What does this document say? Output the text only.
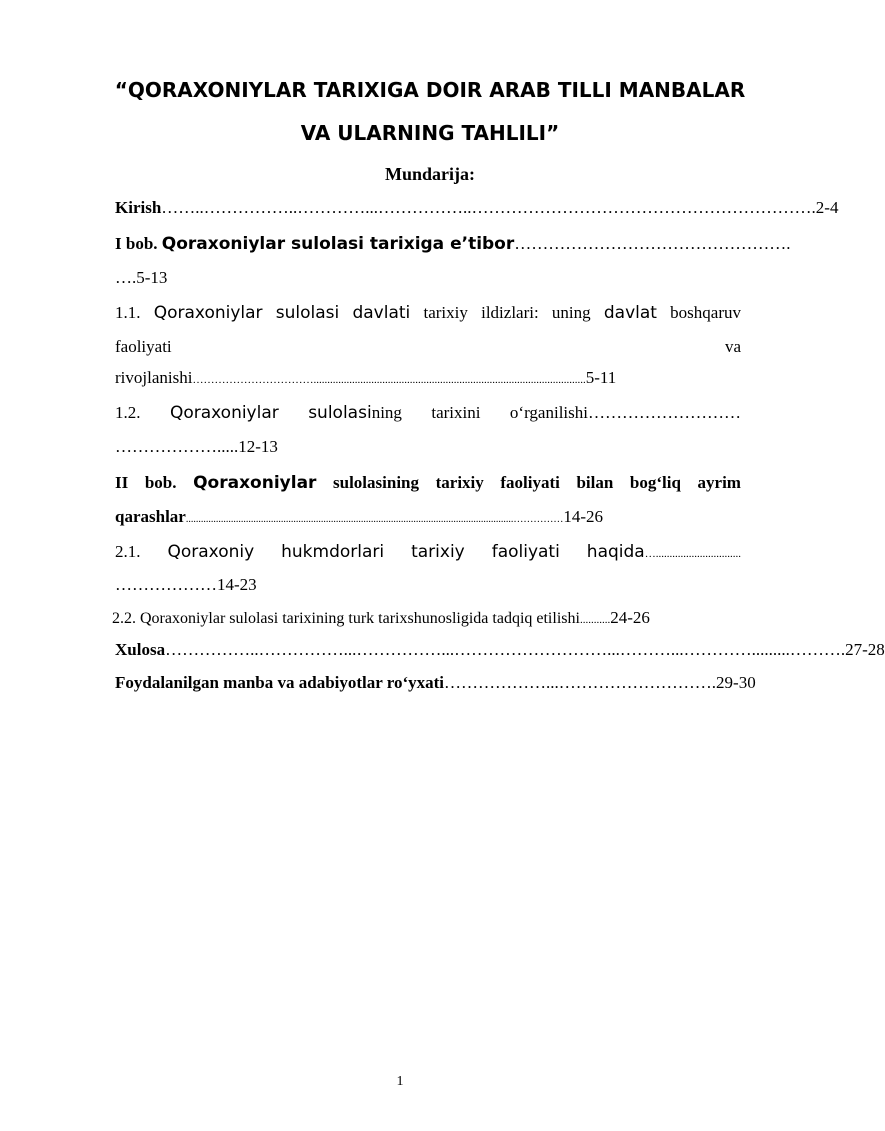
“QORAXONIYLAR TARIXIGA DOIR ARAB TILLI MANBALAR
VA ULARNING TAHLILI”
Mundarija:
Kirish……..……………..…………...……………..…………………………………………………….2-4
I bob. Qoraxoniylar sulolasi tarixiga e’tibor………………………………………….
….5-13
1.1. Qoraxoniylar sulolasi davlati tarixiy ildizlari: uning davlat boshqaruv
faoliyati	va
rivojlanishi……………………………...................................................................................................5-11
1.2. Qoraxoniylar sulolasining tarixini o‘rganilishi………………………
……………….....12-13
II bob. Qoraxoniylar sulolasining tarixiy faoliyati bilan bog‘liq ayrim
qarashlar...................................................................................................................................……………14-26
2.1. Qoraxoniy hukmdorlari tarixiy faoliyati haqida…...............................
………………14-23
2.2. Qoraxoniylar sulolasi tarixining turk tarixshunosligida tadqiq etilishi...........24-26
Xulosa……………..……………...……………...………………………...………...………….........……….27-28
Foydalanilgan manba va adabiyotlar ro‘yxati………………...……………………….29-30
1
